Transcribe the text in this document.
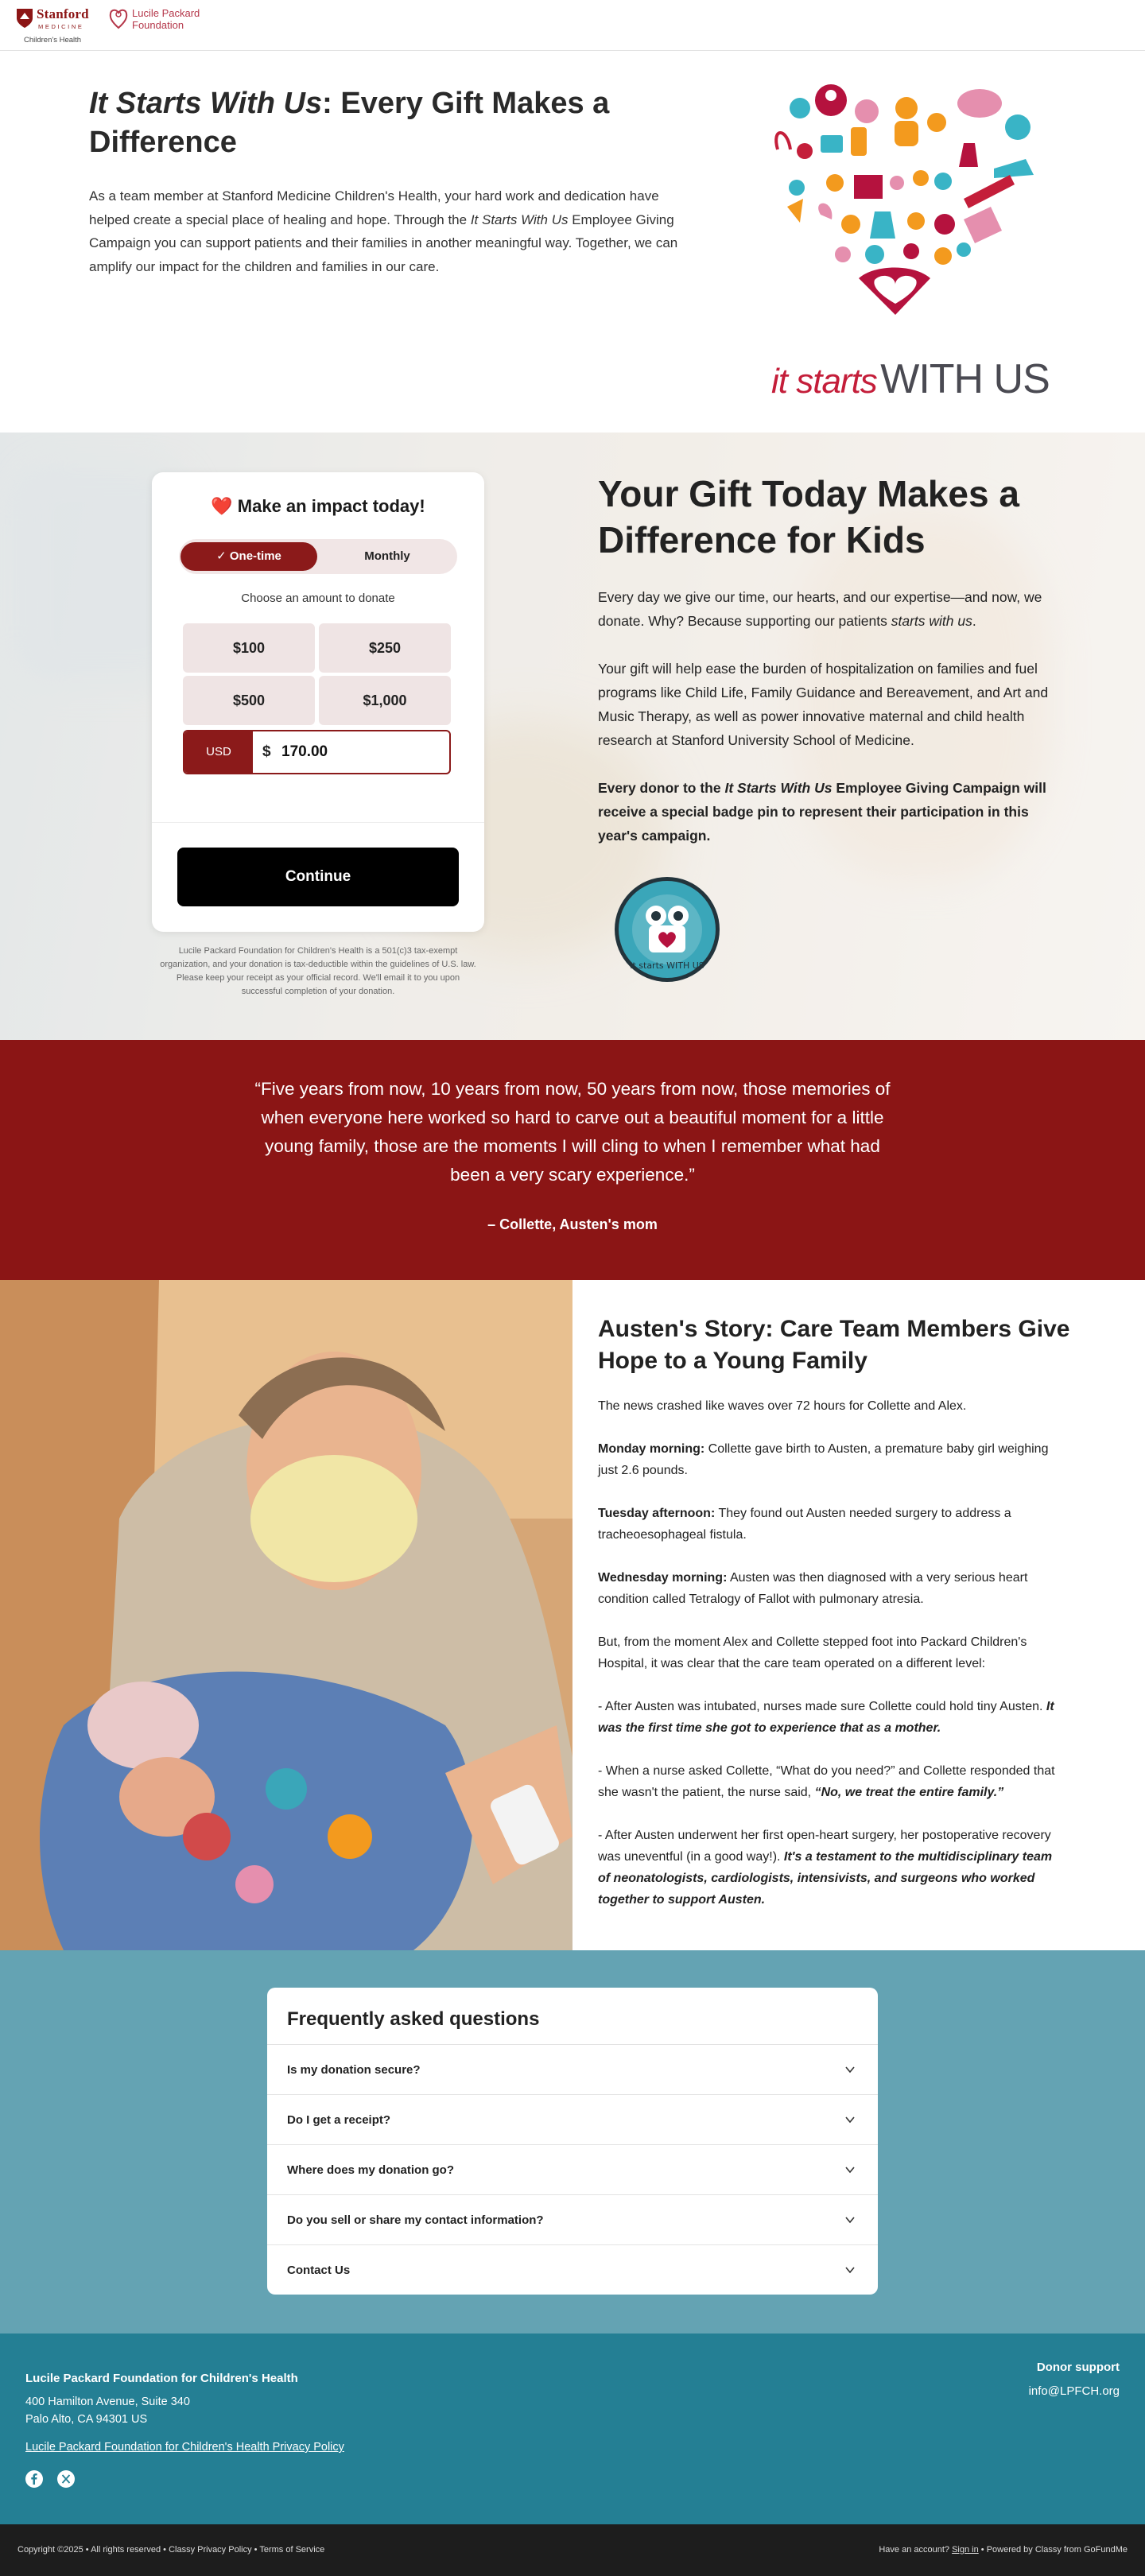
Stanford
MEDICINE
Children's Health
Lucile Packard
Foundation
It Starts With Us: Every Gift Makes a Difference

As a team member at Stanford Medicine Children's Health, your hard work and dedication have helped create a special place of healing and hope. Through the It Starts With Us Employee Giving Campaign you can support patients and their families in another meaningful way. Together, we can amplify our impact for the children and families in our care.

it starts WITH US
❤️ Make an impact today!
✓ One-time	Monthly
Choose an amount to donate
$100	$250
$500	$1,000
USD	$ 170.00
Continue

Lucile Packard Foundation for Children's Health is a 501(c)3 tax-exempt organization, and your donation is tax-deductible within the guidelines of U.S. law. Please keep your receipt as your official record. We'll email it to you upon successful completion of your donation.

Your Gift Today Makes a Difference for Kids

Every day we give our time, our hearts, and our expertise—and now, we donate. Why? Because supporting our patients starts with us.

Your gift will help ease the burden of hospitalization on families and fuel programs like Child Life, Family Guidance and Bereavement, and Art and Music Therapy, as well as power innovative maternal and child health research at Stanford University School of Medicine.

Every donor to the It Starts With Us Employee Giving Campaign will receive a special badge pin to represent their participation in this year's campaign.

It starts WITH US

“Five years from now, 10 years from now, 50 years from now, those memories of when everyone here worked so hard to carve out a beautiful moment for a little young family, those are the moments I will cling to when I remember what had been a very scary experience.”

– Collette, Austen's mom

Austen's Story: Care Team Members Give Hope to a Young Family

The news crashed like waves over 72 hours for Collette and Alex.

Monday morning: Collette gave birth to Austen, a premature baby girl weighing just 2.6 pounds.

Tuesday afternoon: They found out Austen needed surgery to address a tracheoesophageal fistula.

Wednesday morning: Austen was then diagnosed with a very serious heart condition called Tetralogy of Fallot with pulmonary atresia.

But, from the moment Alex and Collette stepped foot into Packard Children's Hospital, it was clear that the care team operated on a different level:

- After Austen was intubated, nurses made sure Collette could hold tiny Austen. It was the first time she got to experience that as a mother.

- When a nurse asked Collette, “What do you need?” and Collette responded that she wasn't the patient, the nurse said, “No, we treat the entire family.”

- After Austen underwent her first open-heart surgery, her postoperative recovery was uneventful (in a good way!). It's a testament to the multidisciplinary team of neonatologists, cardiologists, intensivists, and surgeons who worked together to support Austen.

Frequently asked questions
Is my donation secure?
Do I get a receipt?
Where does my donation go?
Do you sell or share my contact information?
Contact Us
Lucile Packard Foundation for Children's Health
400 Hamilton Avenue, Suite 340
Palo Alto, CA 94301 US
Lucile Packard Foundation for Children's Health Privacy Policy
Donor support
info@LPFCH.org
Copyright ©2025 • All rights reserved • Classy Privacy Policy • Terms of Service	Have an account? Sign in • Powered by Classy from GoFundMe
